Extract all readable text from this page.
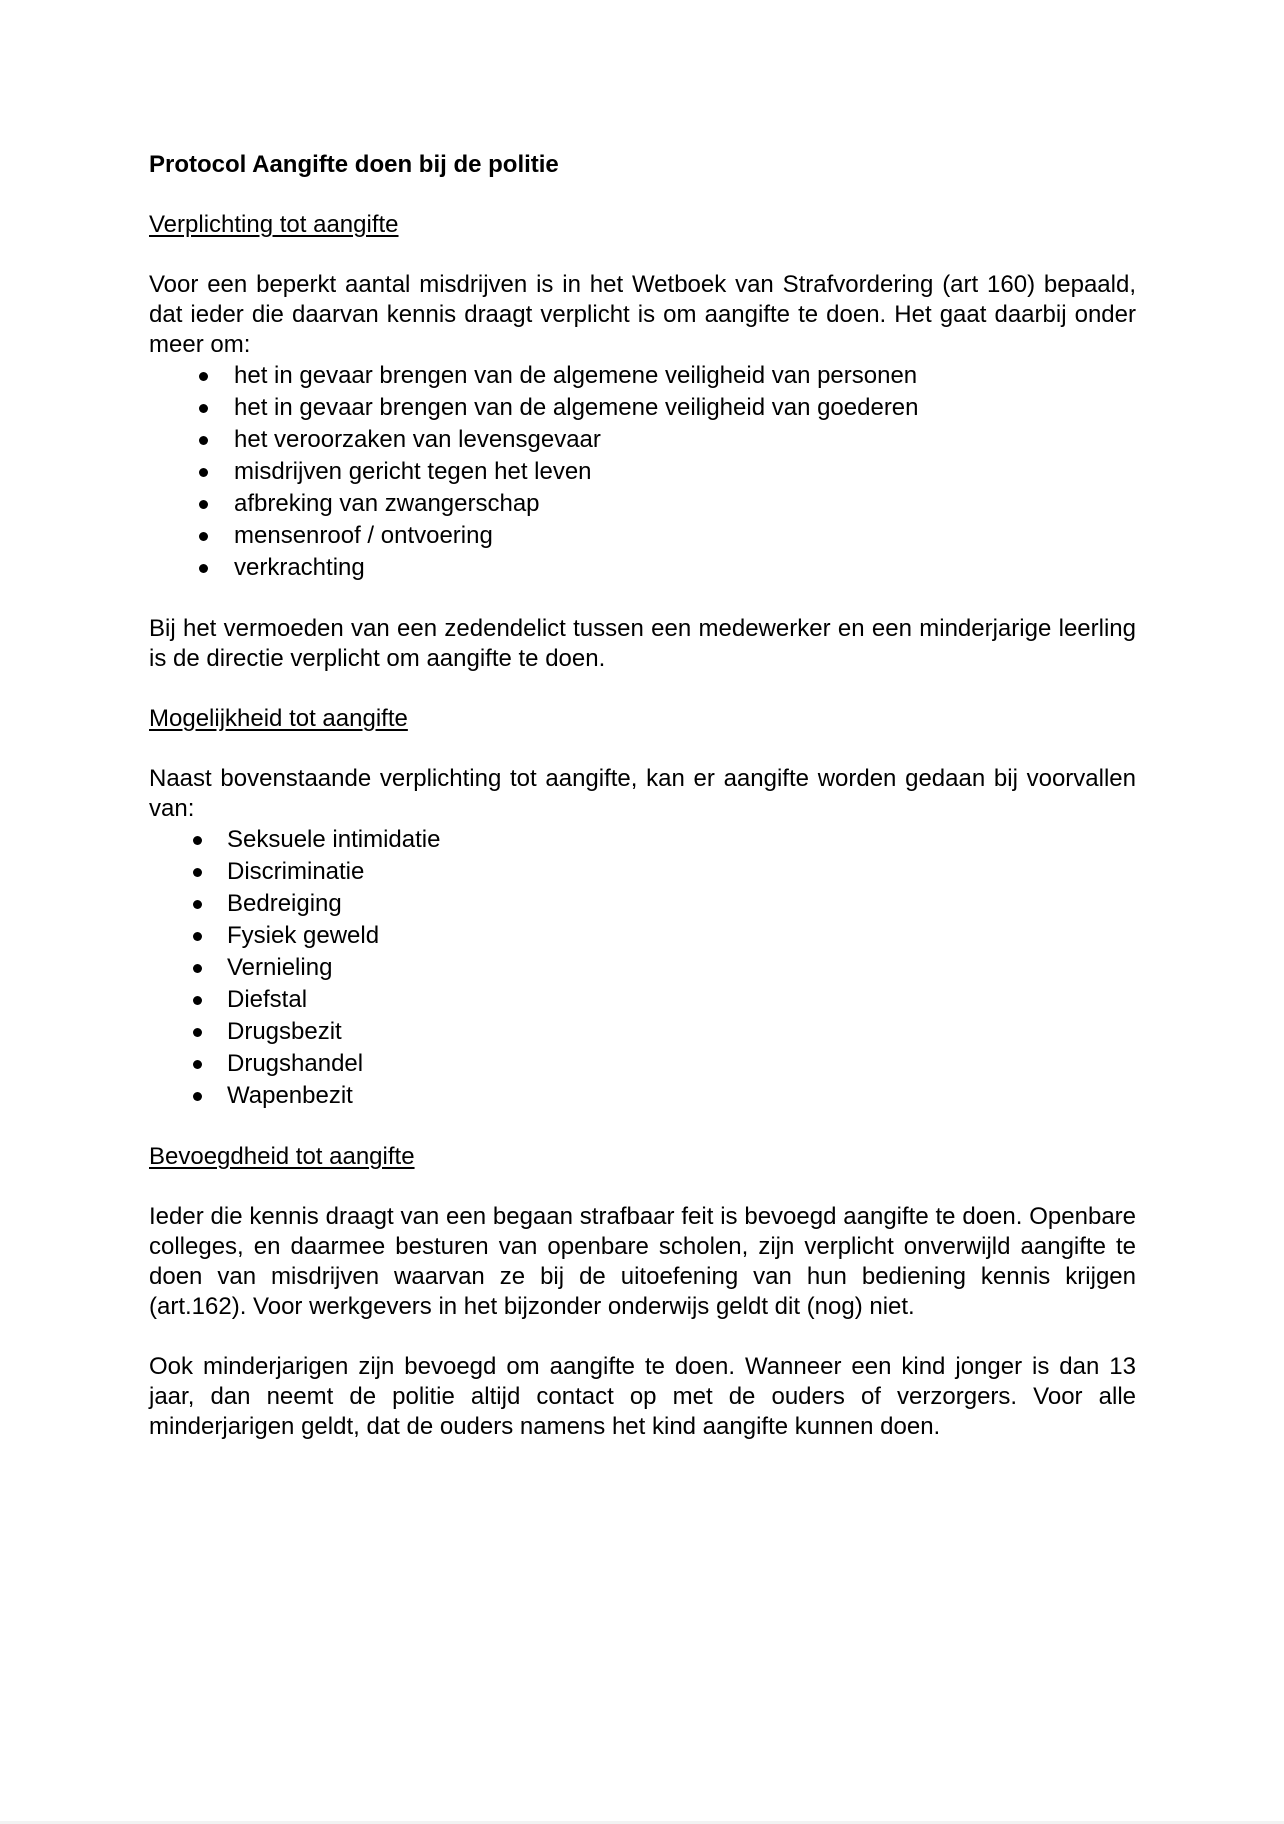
Protocol Aangifte doen bij de politie
Verplichting tot aangifte

Voor een beperkt aantal misdrijven is in het Wetboek van Strafvordering (art 160) bepaald, dat ieder die daarvan kennis draagt verplicht is om aangifte te doen. Het gaat daarbij onder meer om:

het in gevaar brengen van de algemene veiligheid van personen
het in gevaar brengen van de algemene veiligheid van goederen
het veroorzaken van levensgevaar
misdrijven gericht tegen het leven
afbreking van zwangerschap
mensenroof / ontvoering
verkrachting

Bij het vermoeden van een zedendelict tussen een medewerker en een minderjarige leerling is de directie verplicht om aangifte te doen.

Mogelijkheid tot aangifte

Naast bovenstaande verplichting tot aangifte, kan er aangifte worden gedaan bij voorvallen van:

Seksuele intimidatie
Discriminatie
Bedreiging
Fysiek geweld
Vernieling
Diefstal
Drugsbezit
Drugshandel
Wapenbezit
Bevoegdheid tot aangifte

Ieder die kennis draagt van een begaan strafbaar feit is bevoegd aangifte te doen. Openbare colleges, en daarmee besturen van openbare scholen, zijn verplicht onverwijld aangifte te doen van misdrijven waarvan ze bij de uitoefening van hun bediening kennis krijgen (art.162). Voor werkgevers in het bijzonder onderwijs geldt dit (nog) niet.

Ook minderjarigen zijn bevoegd om aangifte te doen. Wanneer een kind jonger is dan 13 jaar, dan neemt de politie altijd contact op met de ouders of verzorgers. Voor alle minderjarigen geldt, dat de ouders namens het kind aangifte kunnen doen.
